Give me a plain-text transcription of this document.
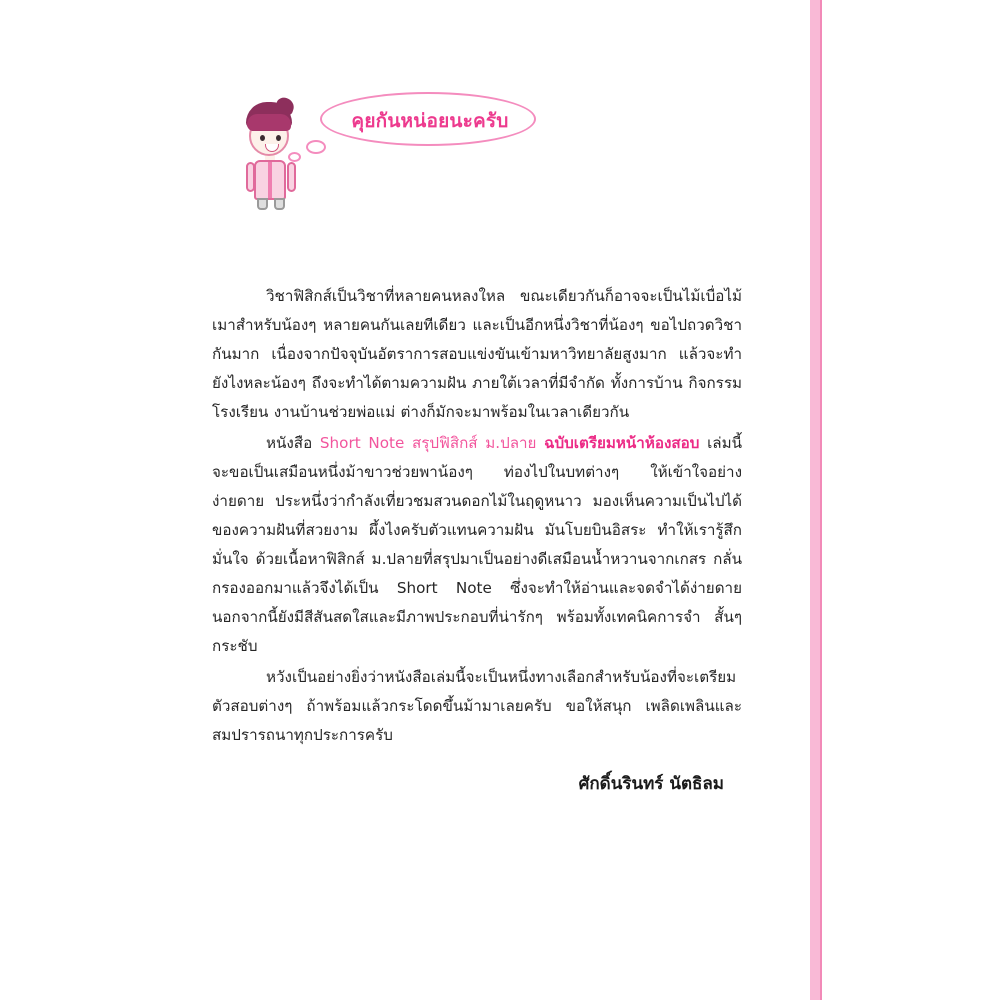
คุยกันหน่อยนะครับ

วิชาฟิสิกส์เป็นวิชาที่หลายคนหลงใหล ขณะเดียวกันก็อาจจะเป็นไม้เบื่อไม้เมาสำหรับน้องๆ หลายคนกันเลยทีเดียว และเป็นอีกหนึ่งวิชาที่น้องๆ ขอไปถวดวิชากันมาก เนื่องจากปัจจุบันอัตราการสอบแข่งขันเข้ามหาวิทยาลัยสูงมาก แล้วจะทำยังไงหละน้องๆ ถึงจะทำได้ตามความฝัน ภายใต้เวลาที่มีจำกัด ทั้งการบ้าน กิจกรรมโรงเรียน งานบ้านช่วยพ่อแม่ ต่างก็มักจะมาพร้อมในเวลาเดียวกัน

หนังสือ Short Note สรุปฟิสิกส์ ม.ปลาย ฉบับเตรียมหน้าห้องสอบ เล่มนี้จะขอเป็นเสมือนหนึ่งม้าขาวช่วยพาน้องๆ ท่องไปในบทต่างๆ ให้เข้าใจอย่างง่ายดาย ประหนึ่งว่ากำลังเที่ยวชมสวนดอกไม้ในฤดูหนาว มองเห็นความเป็นไปได้ของความฝันที่สวยงาม ผึ้งไงครับตัวแทนความฝัน มันโบยบินอิสระ ทำให้เรารู้สึกมั่นใจ ด้วยเนื้อหาฟิสิกส์ ม.ปลายที่สรุปมาเป็นอย่างดีเสมือนน้ำหวานจากเกสร กลั่นกรองออกมาแล้วจึงได้เป็น Short Note ซึ่งจะทำให้อ่านและจดจำได้ง่ายดาย นอกจากนี้ยังมีสีสันสดใสและมีภาพประกอบที่น่ารักๆ พร้อมทั้งเทคนิคการจำ สั้นๆ กระชับ

หวังเป็นอย่างยิ่งว่าหนังสือเล่มนี้จะเป็นหนึ่งทางเลือกสำหรับน้องที่จะเตรียมตัวสอบต่างๆ ถ้าพร้อมแล้วกระโดดขึ้นม้ามาเลยครับ ขอให้สนุก เพลิดเพลินและสมปรารถนาทุกประการครับ

ศักดิ์นรินทร์ นัตธิลม
